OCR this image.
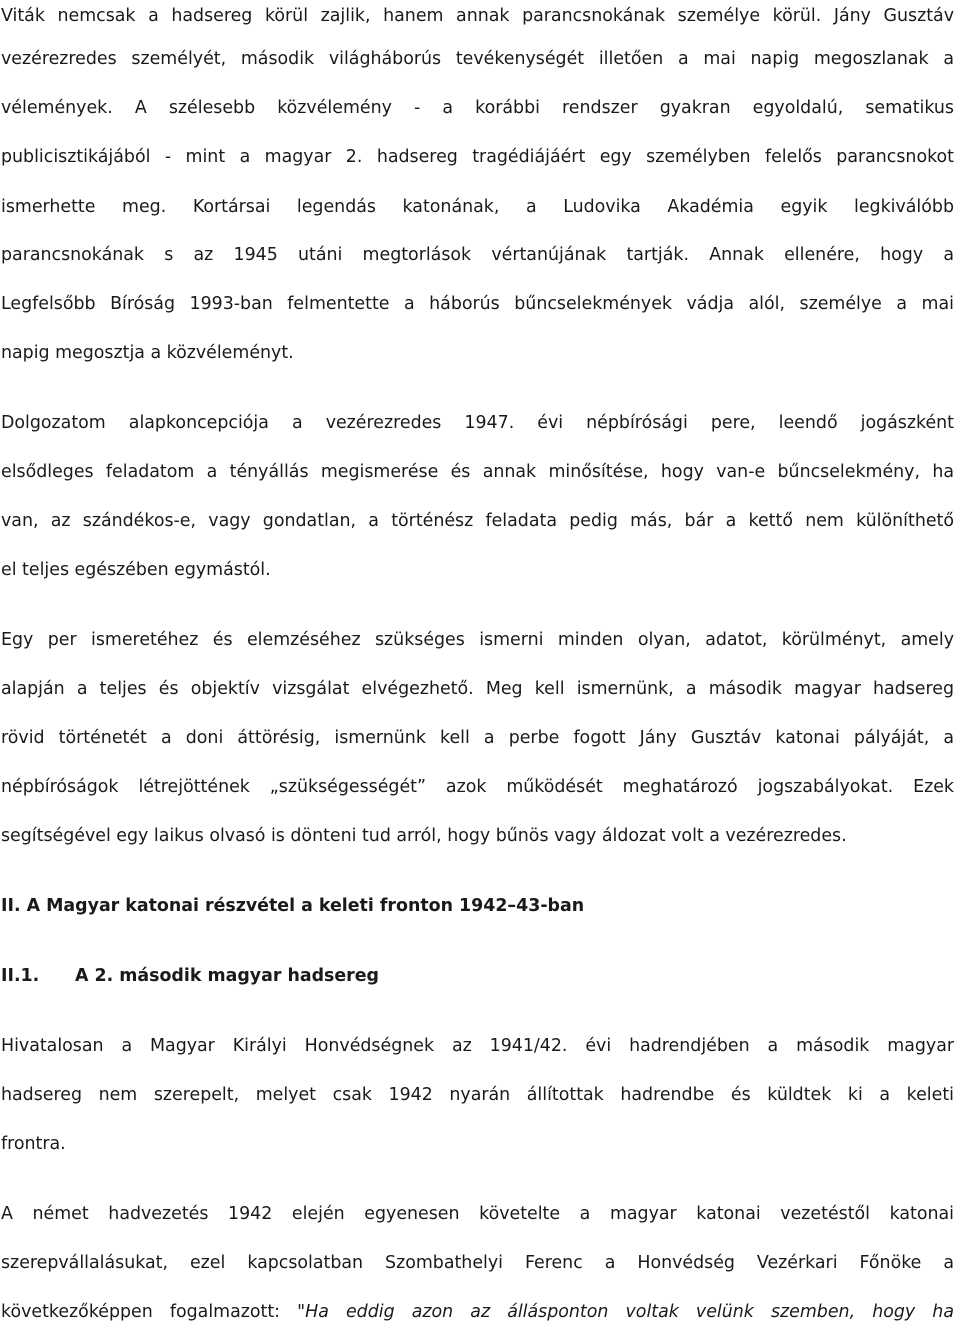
Viták nemcsak a hadsereg körül zajlik, hanem annak parancsnokának személye körül. Jány Gusztáv
vezérezredes személyét, második világháborús tevékenységét illetően a mai napig megoszlanak a
vélemények. A szélesebb közvélemény - a korábbi rendszer gyakran egyoldalú, sematikus
publicisztikájából - mint a magyar 2. hadsereg tragédiájáért egy személyben felelős parancsnokot
ismerhette meg. Kortársai legendás katonának, a Ludovika Akadémia egyik legkiválóbb
parancsnokának s az 1945 utáni megtorlások vértanújának tartják. Annak ellenére, hogy a
Legfelsőbb Bíróság 1993-ban felmentette a háborús bűncselekmények vádja alól, személye a mai
napig megosztja a közvéleményt.
Dolgozatom alapkoncepciója a vezérezredes 1947. évi népbírósági pere, leendő jogászként
elsődleges feladatom a tényállás megismerése és annak minősítése, hogy van-e bűncselekmény, ha
van, az szándékos-e, vagy gondatlan, a történész feladata pedig más, bár a kettő nem különíthető
el teljes egészében egymástól.
Egy per ismeretéhez és elemzéséhez szükséges ismerni minden olyan, adatot, körülményt, amely
alapján a teljes és objektív vizsgálat elvégezhető. Meg kell ismernünk, a második magyar hadsereg
rövid történetét a doni áttörésig, ismernünk kell a perbe fogott Jány Gusztáv katonai pályáját, a
népbíróságok létrejöttének „szükségességét” azok működését meghatározó jogszabályokat. Ezek
segítségével egy laikus olvasó is dönteni tud arról, hogy bűnös vagy áldozat volt a vezérezredes.
II. A Magyar katonai részvétel a keleti fronton 1942–43-ban
II.1. A 2. második magyar hadsereg
Hivatalosan a Magyar Királyi Honvédségnek az 1941/42. évi hadrendjében a második magyar
hadsereg nem szerepelt, melyet csak 1942 nyarán állítottak hadrendbe és küldtek ki a keleti
frontra.
A német hadvezetés 1942 elején egyenesen követelte a magyar katonai vezetéstől katonai
szerepvállalásukat, ezel kapcsolatban Szombathelyi Ferenc a Honvédség Vezérkari Főnöke a
következőképpen fogalmazott: "Ha eddig azon az állásponton voltak velünk szemben, hogy ha
